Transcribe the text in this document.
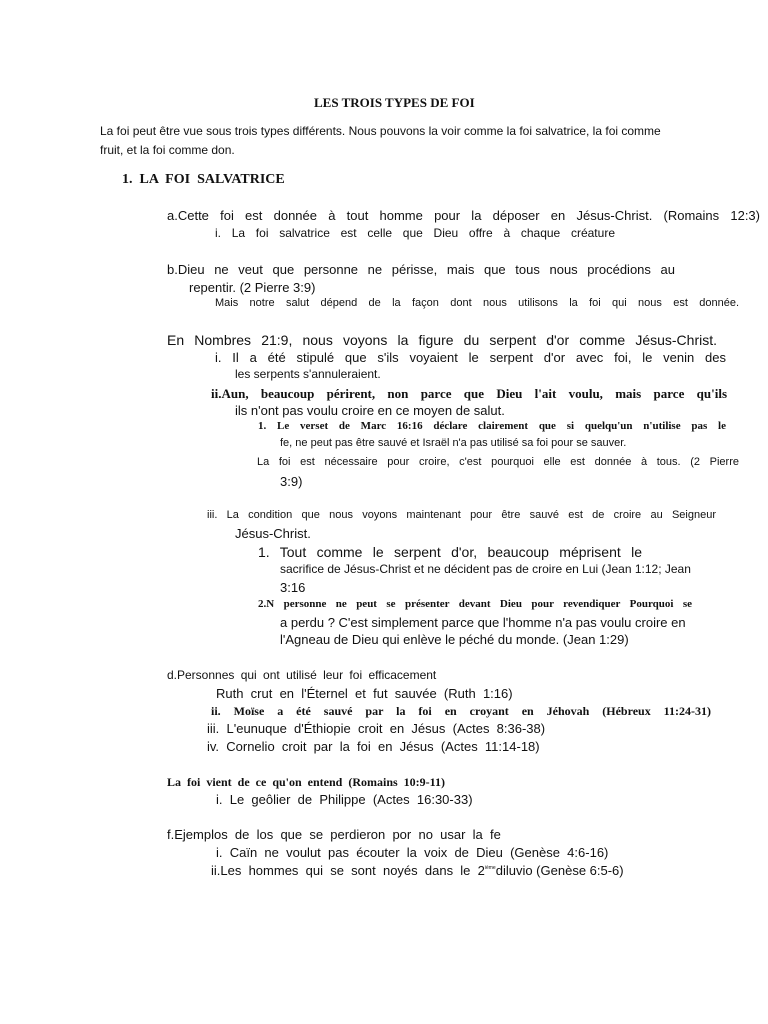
LES TROIS TYPES DE FOI
La foi peut être vue sous trois types différents. Nous pouvons la voir comme la foi salvatrice, la foi comme
fruit, et la foi comme don.
1.  LA  FOI  SALVATRICE
a.Cette foi est donnée à tout homme pour la déposer en Jésus-Christ. (Romains 12:3)
i. La foi salvatrice est celle que Dieu offre à chaque créature
b.Dieu ne veut que personne ne périsse, mais que tous nous procédions au
repentir. (2 Pierre 3:9)
Mais notre salut dépend de la façon dont nous utilisons la foi qui nous est donnée.
En Nombres 21:9, nous voyons la figure du serpent d'or comme Jésus-Christ.
i. Il a été stipulé que s'ils voyaient le serpent d'or avec foi, le venin des
les serpents s'annuleraient.
ii.Aun, beaucoup périrent, non parce que Dieu l'ait voulu, mais parce qu'ils
ils n'ont pas voulu croire en ce moyen de salut.
1. Le verset de Marc 16:16 déclare clairement que si quelqu'un n'utilise pas le
fe, ne peut pas être sauvé et Israël n'a pas utilisé sa foi pour se sauver.
La foi est nécessaire pour croire, c'est pourquoi elle est donnée à tous. (2 Pierre
3:9)
iii. La condition que nous voyons maintenant pour être sauvé est de croire au Seigneur
Jésus-Christ.
1. Tout comme le serpent d'or, beaucoup méprisent le
sacrifice de Jésus-Christ et ne décident pas de croire en Lui (Jean 1:12; Jean
3:16
2.N personne ne peut se présenter devant Dieu pour revendiquer Pourquoi se
a perdu ? C'est simplement parce que l'homme n'a pas voulu croire en
l'Agneau de Dieu qui enlève le péché du monde. (Jean 1:29)
d.Personnes qui ont utilisé leur foi efficacement
Ruth  crut  en  l'Éternel  et  fut  sauvée  (Ruth  1:16)
ii. Moïse a été sauvé par la foi en croyant en Jéhovah (Hébreux 11:24-31)
iii.  L'eunuque  d'Éthiopie  croit  en  Jésus  (Actes  8:36-38)
iv.  Cornelio  croit  par  la  foi  en  Jésus  (Actes  11:14-18)
La  foi  vient  de  ce  qu'on  entend  (Romains  10:9-11)
i.  Le  geôlier  de  Philippe  (Actes  16:30-33)
f.Ejemplos  de  los  que  se  perdieron  por  no  usar  la  fe
i.  Caïn  ne  voulut  pas  écouter  la  voix  de  Dieu  (Genèse  4:6-16)
ii.Les  hommes  qui  se  sont  noyés  dans  le  2ièmediluvio (Genèse 6:5-6)
